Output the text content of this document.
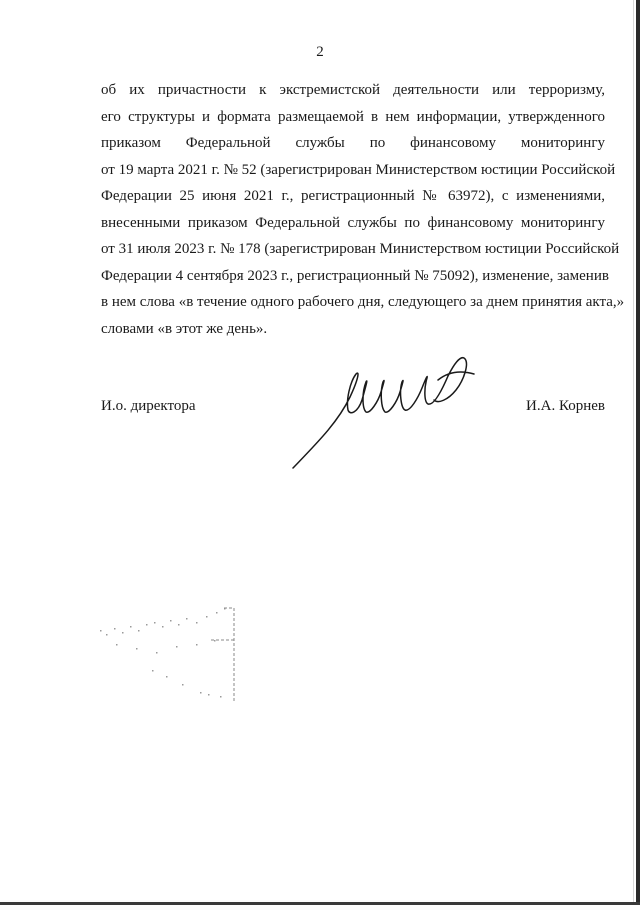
2
об их причастности к экстремистской деятельности или терроризму,
его структуры и формата размещаемой в нем информации, утвержденного
приказом Федеральной службы по финансовому мониторингу
от 19 марта 2021 г. № 52 (зарегистрирован Министерством юстиции Российской
Федерации 25 июня 2021 г., регистрационный № 63972), с изменениями,
внесенными приказом Федеральной службы по финансовому мониторингу
от 31 июля 2023 г. № 178 (зарегистрирован Министерством юстиции Российской
Федерации 4 сентября 2023 г., регистрационный № 75092), изменение, заменив
в нем слова «в течение одного рабочего дня, следующего за днем принятия акта,»
словами «в этот же день».
И.о. директора	И.А. Корнев
